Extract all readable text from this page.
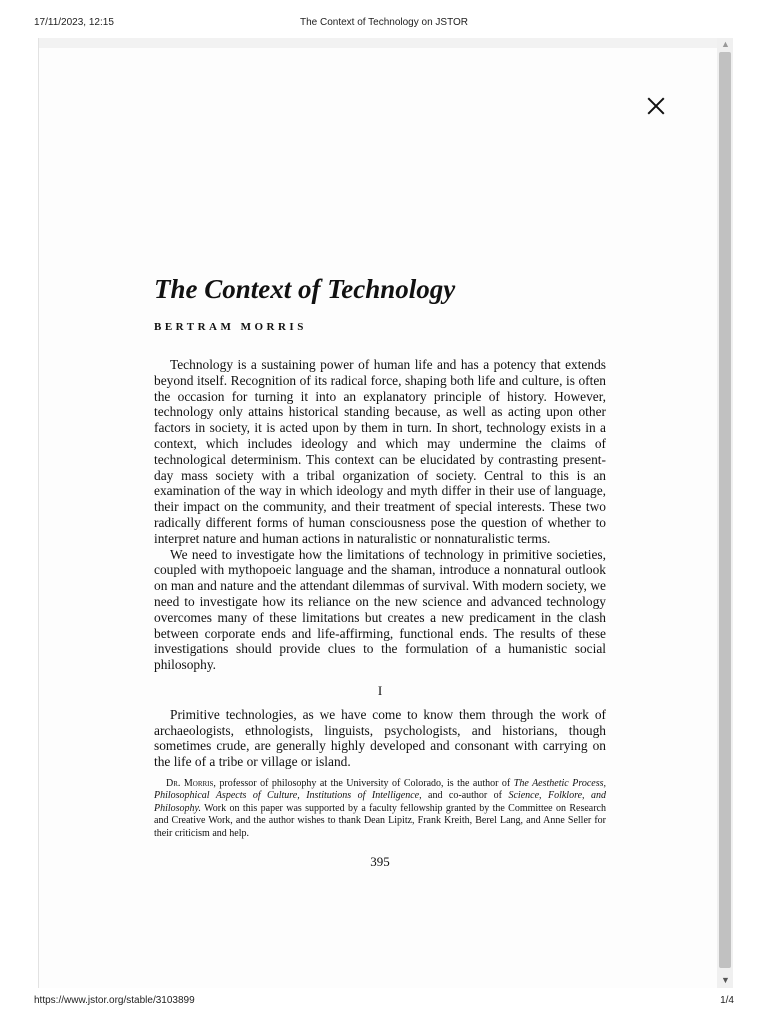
17/11/2023, 12:15	The Context of Technology on JSTOR
The Context of Technology
BERTRAM MORRIS

Technology is a sustaining power of human life and has a potency that extends beyond itself. Recognition of its radical force, shaping both life and culture, is often the occasion for turning it into an explanatory principle of history. However, technology only attains historical standing because, as well as acting upon other factors in society, it is acted upon by them in turn. In short, technology exists in a context, which includes ideology and which may undermine the claims of technological determinism. This context can be elucidated by contrasting present-day mass society with a tribal organization of society. Central to this is an examination of the way in which ideology and myth differ in their use of language, their impact on the community, and their treatment of special interests. These two radically different forms of human consciousness pose the question of whether to interpret nature and human actions in naturalistic or nonnaturalistic terms.

We need to investigate how the limitations of technology in primitive societies, coupled with mythopoeic language and the shaman, introduce a nonnatural outlook on man and nature and the attendant dilemmas of survival. With modern society, we need to investigate how its reliance on the new science and advanced technology overcomes many of these limitations but creates a new predicament in the clash between corporate ends and life-affirming, functional ends. The results of these investigations should provide clues to the formulation of a humanistic social philosophy.

I

Primitive technologies, as we have come to know them through the work of archaeologists, ethnologists, linguists, psychologists, and historians, though sometimes crude, are generally highly developed and consonant with carrying on the life of a tribe or village or island.

Dr. Morris, professor of philosophy at the University of Colorado, is the author of The Aesthetic Process, Philosophical Aspects of Culture, Institutions of Intelligence, and co-author of Science, Folklore, and Philosophy. Work on this paper was supported by a faculty fellowship granted by the Committee on Research and Creative Work, and the author wishes to thank Dean Lipitz, Frank Kreith, Berel Lang, and Anne Seller for their criticism and help.
395
▲
▼
https://www.jstor.org/stable/3103899	1/4
